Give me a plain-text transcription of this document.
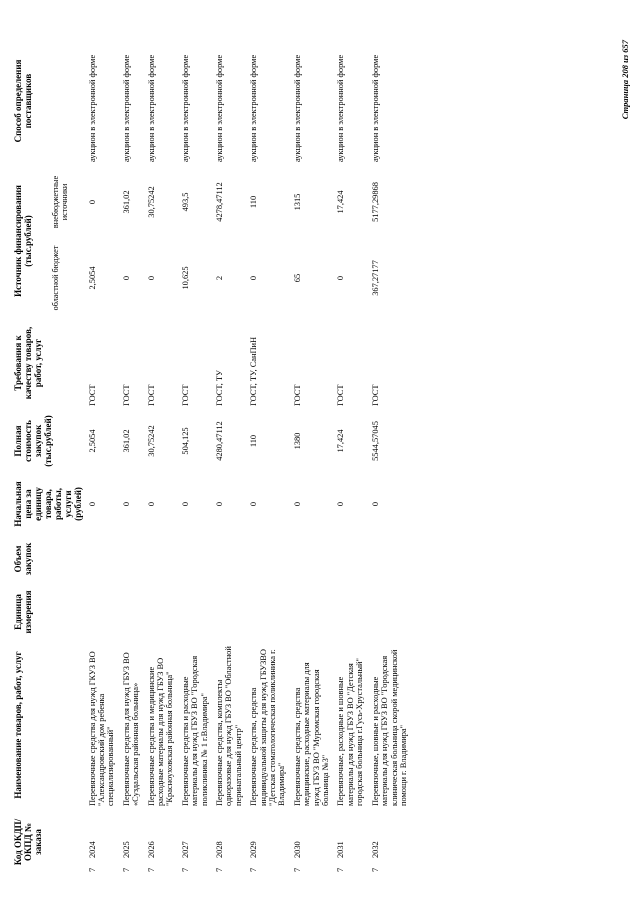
Код ОКДП/ ОКПД № заказа	Наименование товаров, работ, услуг	Единица измерения	Объем закупок	Начальная цена за единицу товара, работы, услуги (рублей)	Полная стоимость закупок (тыс.рублей)	Требования к качеству товаров, работ, услуг	Источник финансирования (тыс.рублей)		Способ определения поставщиков
							областной бюджет	внебюджетные источники	
72024	Перевязочные средства для нужд ГКУЗ ВО "Александровский дом ребенка специализированный"			0	2,5054	ГОСТ	2,5054	0	аукцион в электронной форме
72025	Перевязочные средства для нужд ГБУЗ ВО «Суздальская районная больница»			0	361,02	ГОСТ	0	361,02	аукцион в электронной форме
72026	Перевязочные средства и медицинские расходные материалы для нужд ГБУЗ ВО "Красноуховская районная больница"			0	30,75242	ГОСТ	0	30,75242	аукцион в электронной форме
72027	Перевязочные средства и расходные материалы для нужд ГБУЗ ВО "Городская поликлиника № 1 г.Владимира"			0	504,125	ГОСТ	10,625	493,5	аукцион в электронной форме
72028	Перевязочные средства, комплекты одноразовые для нужд ГБУЗ ВО "Областной перинатальный центр"			0	4280,47112	ГОСТ, ТУ	2	4278,47112	аукцион в электронной форме
72029	Перевязочные средства, средства индивидуальной защиты для нужд ГБУЗВО "Детская стоматологическая поликлиника г. Владимира"			0	110	ГОСТ, ТУ, СанПиН	0	110	аукцион в электронной форме
72030	Перевязочные средства, средства медицинские, расходные материалы для нужд ГБУЗ ВО "Муромская городская больница №3"			0	1380	ГОСТ	65	1315	аукцион в электронной форме
72031	Перевязочные, расходные и шовные материалы для нужд ГБУЗ ВО "Детская городская больница г.Гусь-Хрустальный"			0	17,424	ГОСТ	0	17,424	аукцион в электронной форме
72032	Перевязочные, шовные и расходные материалы для нужд ГБУЗ ВО "Городская клиническая больница скорой медицинской помощи г. Владимира"			0	5544,57045	ГОСТ	367,27177	5177,29868	аукцион в электронной форме	Страница 208 из 657
